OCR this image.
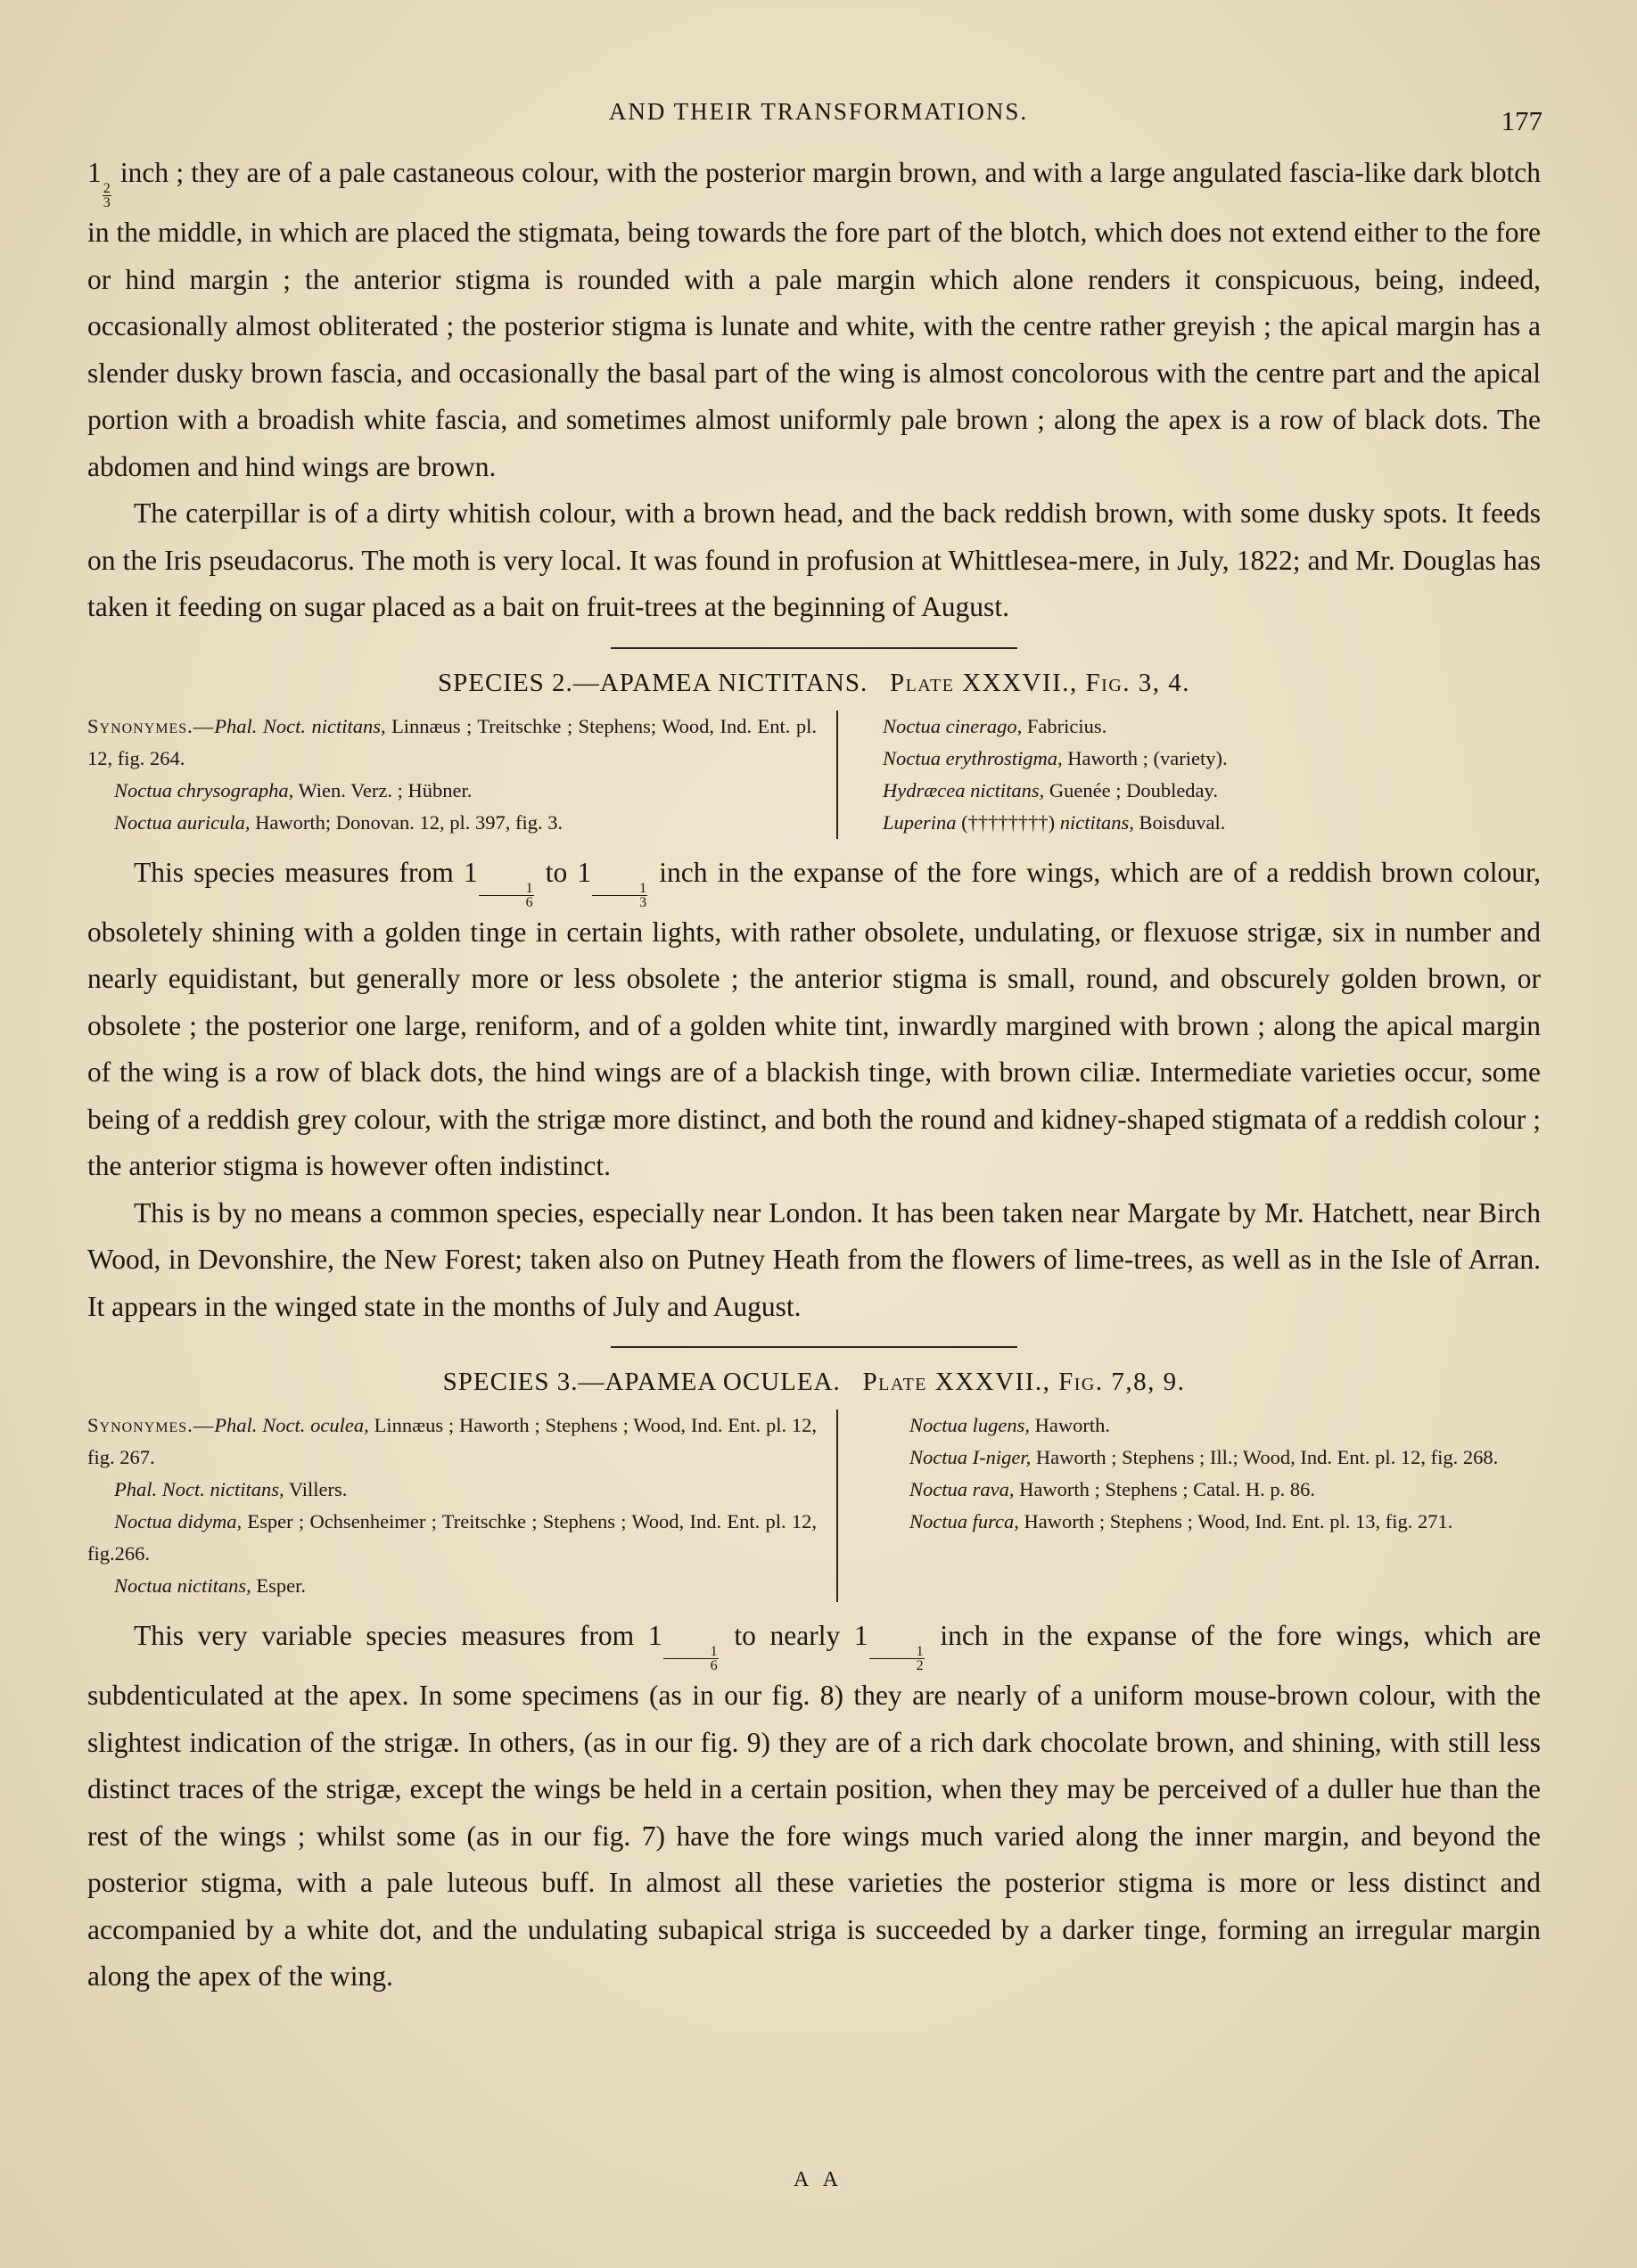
AND THEIR TRANSFORMATIONS.	177

1
$\frac{2}{3}$
inch ; they are of a pale castaneous colour, with the posterior margin brown, and with a large angulated fascia-like dark blotch in the middle, in which are placed the stigmata, being towards the fore part of the blotch, which does not extend either to the fore or hind margin ; the anterior stigma is rounded with a pale margin which alone renders it conspicuous, being, indeed, occasionally almost obliterated ; the posterior stigma is lunate and white, with the centre rather greyish ; the apical margin has a slender dusky brown fascia, and occasionally the basal part of the wing is almost concolorous with the centre part and the apical portion with a broadish white fascia, and sometimes almost uniformly pale brown ; along the apex is a row of black dots. The abdomen and hind wings are brown.

The caterpillar is of a dirty whitish colour, with a brown head, and the back reddish brown, with some dusky spots. It feeds on the Iris pseudacorus. The moth is very local. It was found in profusion at Whittlesea-mere, in July, 1822; and Mr. Douglas has taken it feeding on sugar placed as a bait on fruit-trees at the beginning of August.

SPECIES 2.—APAMEA NICTITANS. Plate XXXVII., Fig. 3, 4.

Synonymes.—Phal. Noct. nictitans, Linnæus ; Treitschke ; Stephens; Wood, Ind. Ent. pl. 12, fig. 264.

Noctua chrysographa, Wien. Verz. ; Hübner.

Noctua auricula, Haworth; Donovan. 12, pl. 397, fig. 3.

Noctua cinerago, Fabricius.

Noctua erythrostigma, Haworth ; (variety).

Hydræcea nictitans, Guenée ; Doubleday.

Luperina (††††††††) nictitans, Boisduval.

This species measures from 1
$\frac{1}{6}$
to 1
$\frac{1}{3}$
inch in the expanse of the fore wings, which are of a reddish brown colour, obsoletely shining with a golden tinge in certain lights, with rather obsolete, undulating, or flexuose strigæ, six in number and nearly equidistant, but generally more or less obsolete ; the anterior stigma is small, round, and obscurely golden brown, or obsolete ; the posterior one large, reniform, and of a golden white tint, inwardly margined with brown ; along the apical margin of the wing is a row of black dots, the hind wings are of a blackish tinge, with brown ciliæ. Intermediate varieties occur, some being of a reddish grey colour, with the strigæ more distinct, and both the round and kidney-shaped stigmata of a reddish colour ; the anterior stigma is however often indistinct.

This is by no means a common species, especially near London. It has been taken near Margate by Mr. Hatchett, near Birch Wood, in Devonshire, the New Forest; taken also on Putney Heath from the flowers of lime-trees, as well as in the Isle of Arran. It appears in the winged state in the months of July and August.

SPECIES 3.—APAMEA OCULEA. Plate XXXVII., Fig. 7,8, 9.

Synonymes.—Phal. Noct. oculea, Linnæus ; Haworth ; Stephens ; Wood, Ind. Ent. pl. 12, fig. 267.

Phal. Noct. nictitans, Villers.

Noctua didyma, Esper ; Ochsenheimer ; Treitschke ; Stephens ; Wood, Ind. Ent. pl. 12, fig.266.

Noctua nictitans, Esper.

Noctua lugens, Haworth.

Noctua I-niger, Haworth ; Stephens ; Ill.; Wood, Ind. Ent. pl. 12, fig. 268.

Noctua rava, Haworth ; Stephens ; Catal. H. p. 86.

Noctua furca, Haworth ; Stephens ; Wood, Ind. Ent. pl. 13, fig. 271.

This very variable species measures from 1
$\frac{1}{6}$
to nearly 1
$\frac{1}{2}$
inch in the expanse of the fore wings, which are subdenticulated at the apex. In some specimens (as in our fig. 8) they are nearly of a uniform mouse-brown colour, with the slightest indication of the strigæ. In others, (as in our fig. 9) they are of a rich dark chocolate brown, and shining, with still less distinct traces of the strigæ, except the wings be held in a certain position, when they may be perceived of a duller hue than the rest of the wings ; whilst some (as in our fig. 7) have the fore wings much varied along the inner margin, and beyond the posterior stigma, with a pale luteous buff. In almost all these varieties the posterior stigma is more or less distinct and accompanied by a white dot, and the undulating subapical striga is succeeded by a darker tinge, forming an irregular margin along the apex of the wing.

A A
